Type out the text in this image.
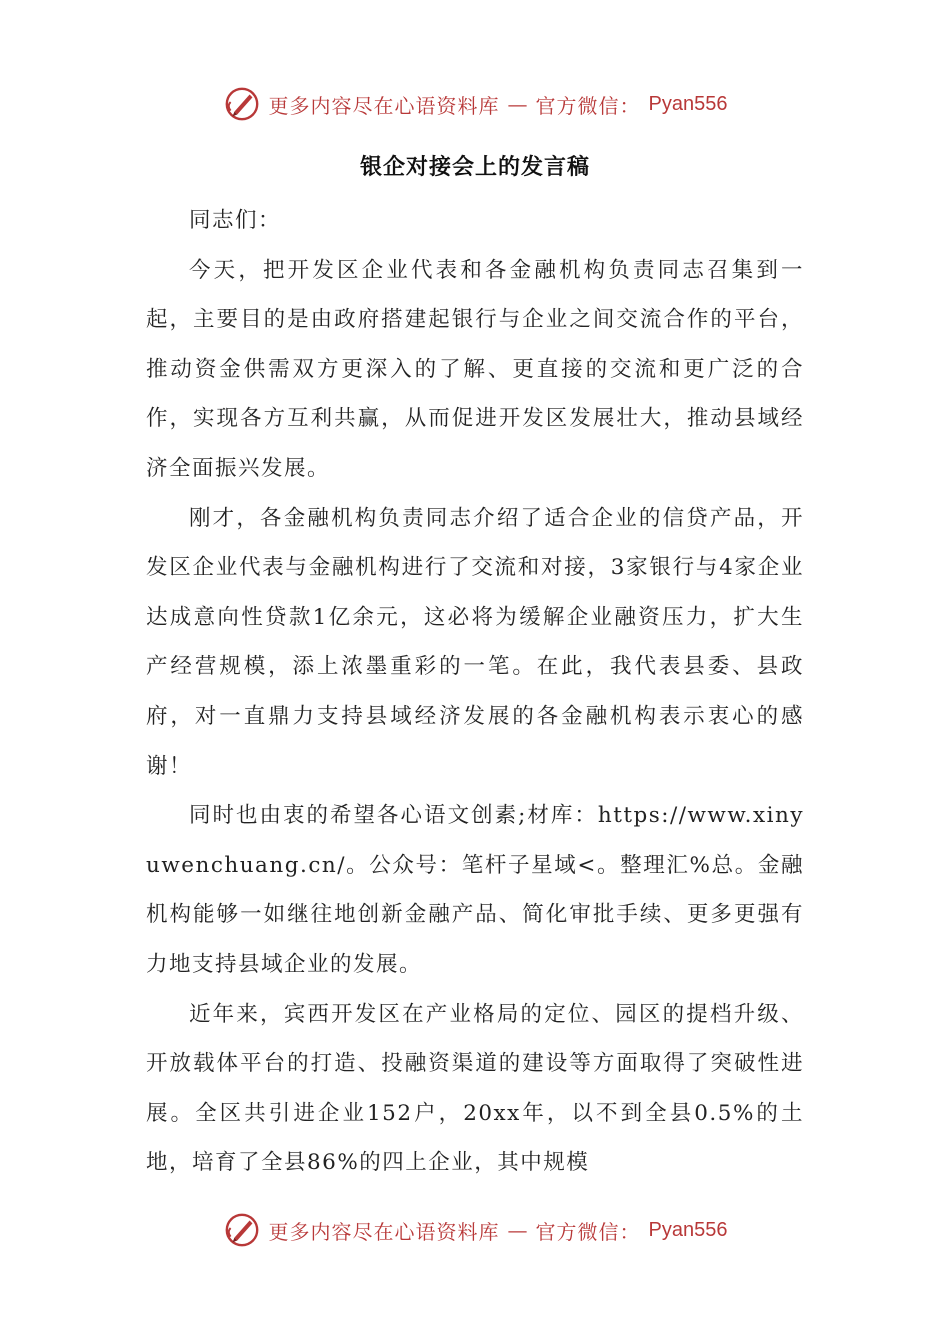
更多内容尽在心语资料库 — 官方微信： Pyan556
银企对接会上的发言稿

同志们：

今天，把开发区企业代表和各金融机构负责同志召集到一起，主要目的是由政府搭建起银行与企业之间交流合作的平台，推动资金供需双方更深入的了解、更直接的交流和更广泛的合作，实现各方互利共赢，从而促进开发区发展壮大，推动县域经济全面振兴发展。

刚才，各金融机构负责同志介绍了适合企业的信贷产品，开发区企业代表与金融机构进行了交流和对接，3家银行与4家企业达成意向性贷款1亿余元，这必将为缓解企业融资压力，扩大生产经营规模，添上浓墨重彩的一笔。在此，我代表县委、县政府，对一直鼎力支持县域经济发展的各金融机构表示衷心的感谢！

同时也由衷的希望各心语文创素;材库：https://www.xinyuwenchuang.cn/。公众号：笔杆子星域<。整理汇%总。金融机构能够一如继往地创新金融产品、简化审批手续、更多更强有力地支持县域企业的发展。

近年来，宾西开发区在产业格局的定位、园区的提档升级、开放载体平台的打造、投融资渠道的建设等方面取得了突破性进展。全区共引进企业152户，20xx年，以不到全县0.5%的土地，培育了全县86%的四上企业，其中规模

更多内容尽在心语资料库 — 官方微信： Pyan556
